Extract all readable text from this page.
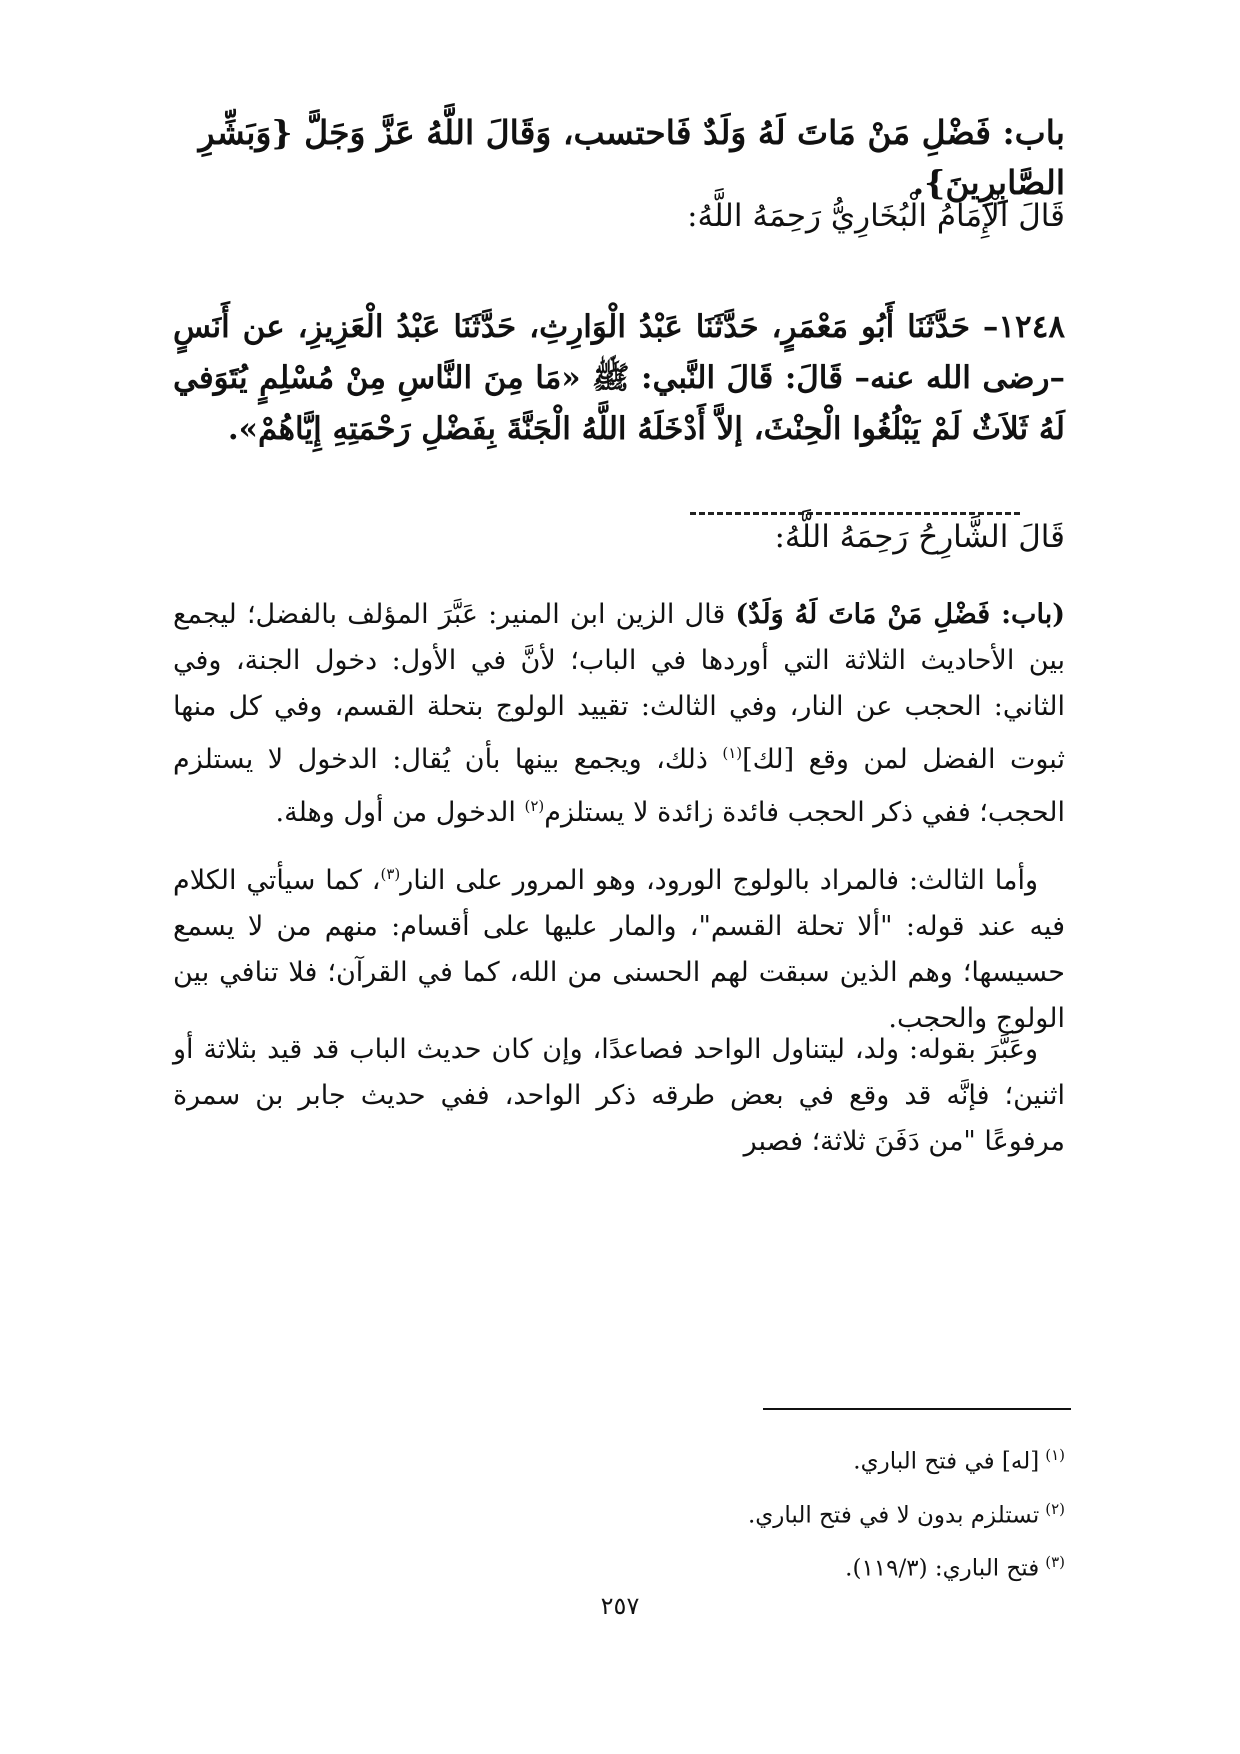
باب: فَضْلِ مَنْ مَاتَ لَهُ وَلَدٌ فَاحتسب، وَقَالَ اللَّهُ عَزَّ وَجَلَّ {وَبَشِّرِ الصَّابِرِينَ}.
قَالَ الْإِمَامُ الْبُخَارِيُّ رَحِمَهُ اللَّهُ:
١٢٤٨– حَدَّثَنَا أَبُو مَعْمَرٍ، حَدَّثَنَا عَبْدُ الْوَارِثِ، حَدَّثَنَا عَبْدُ الْعَزِيزِ، عن أَنَسٍ –رضى الله عنه– قَالَ: قَالَ النَّبي: ﷺ «مَا مِنَ النَّاسِ مِنْ مُسْلِمٍ يُتَوَفي لَهُ ثَلاَثٌ لَمْ يَبْلُغُوا الْحِنْثَ، إلاَّ أَدْخَلَهُ اللَّهُ الْجَنَّةَ بِفَضْلِ رَحْمَتِهِ إِيَّاهُمْ».
قَالَ الشَّارِحُ رَحِمَهُ اللَّهُ:

(باب: فَضْلِ مَنْ مَاتَ لَهُ وَلَدٌ) قال الزين ابن المنير: عَبَّرَ المؤلف بالفضل؛ ليجمع بين الأحاديث الثلاثة التي أوردها في الباب؛ لأنَّ في الأول: دخول الجنة، وفي الثاني: الحجب عن النار، وفي الثالث: تقييد الولوج بتحلة القسم، وفي كل منها ثبوت الفضل لمن وقع [لك]$^{(١)}$ ذلك، ويجمع بينها بأن يُقال: الدخول لا يستلزم الحجب؛ ففي ذكر الحجب فائدة زائدة لا يستلزم$^{(٢)}$ الدخول من أول وهلة.

 وأما الثالث: فالمراد بالولوج الورود، وهو المرور على النار$^{(٣)}$، كما سيأتي الكلام فيه عند قوله: "ألا تحلة القسم"، والمار عليها على أقسام: منهم من لا يسمع حسيسها؛ وهم الذين سبقت لهم الحسنى من الله، كما في القرآن؛ فلا تنافي بين الولوج والحجب.

 وعَبَّرَ بقوله: ولد، ليتناول الواحد فصاعدًا، وإن كان حديث الباب قد قيد بثلاثة أو اثنين؛ فإنَّه قد وقع في بعض طرقه ذكر الواحد، ففي حديث جابر بن سمرة مرفوعًا "من دَفَنَ ثلاثة؛ فصبر

$^{(١)}$[له] في فتح الباري.
$^{(٢)}$تستلزم بدون لا في فتح الباري.
$^{(٣)}$فتح الباري: (١١٩/٣).
٢٥٧
